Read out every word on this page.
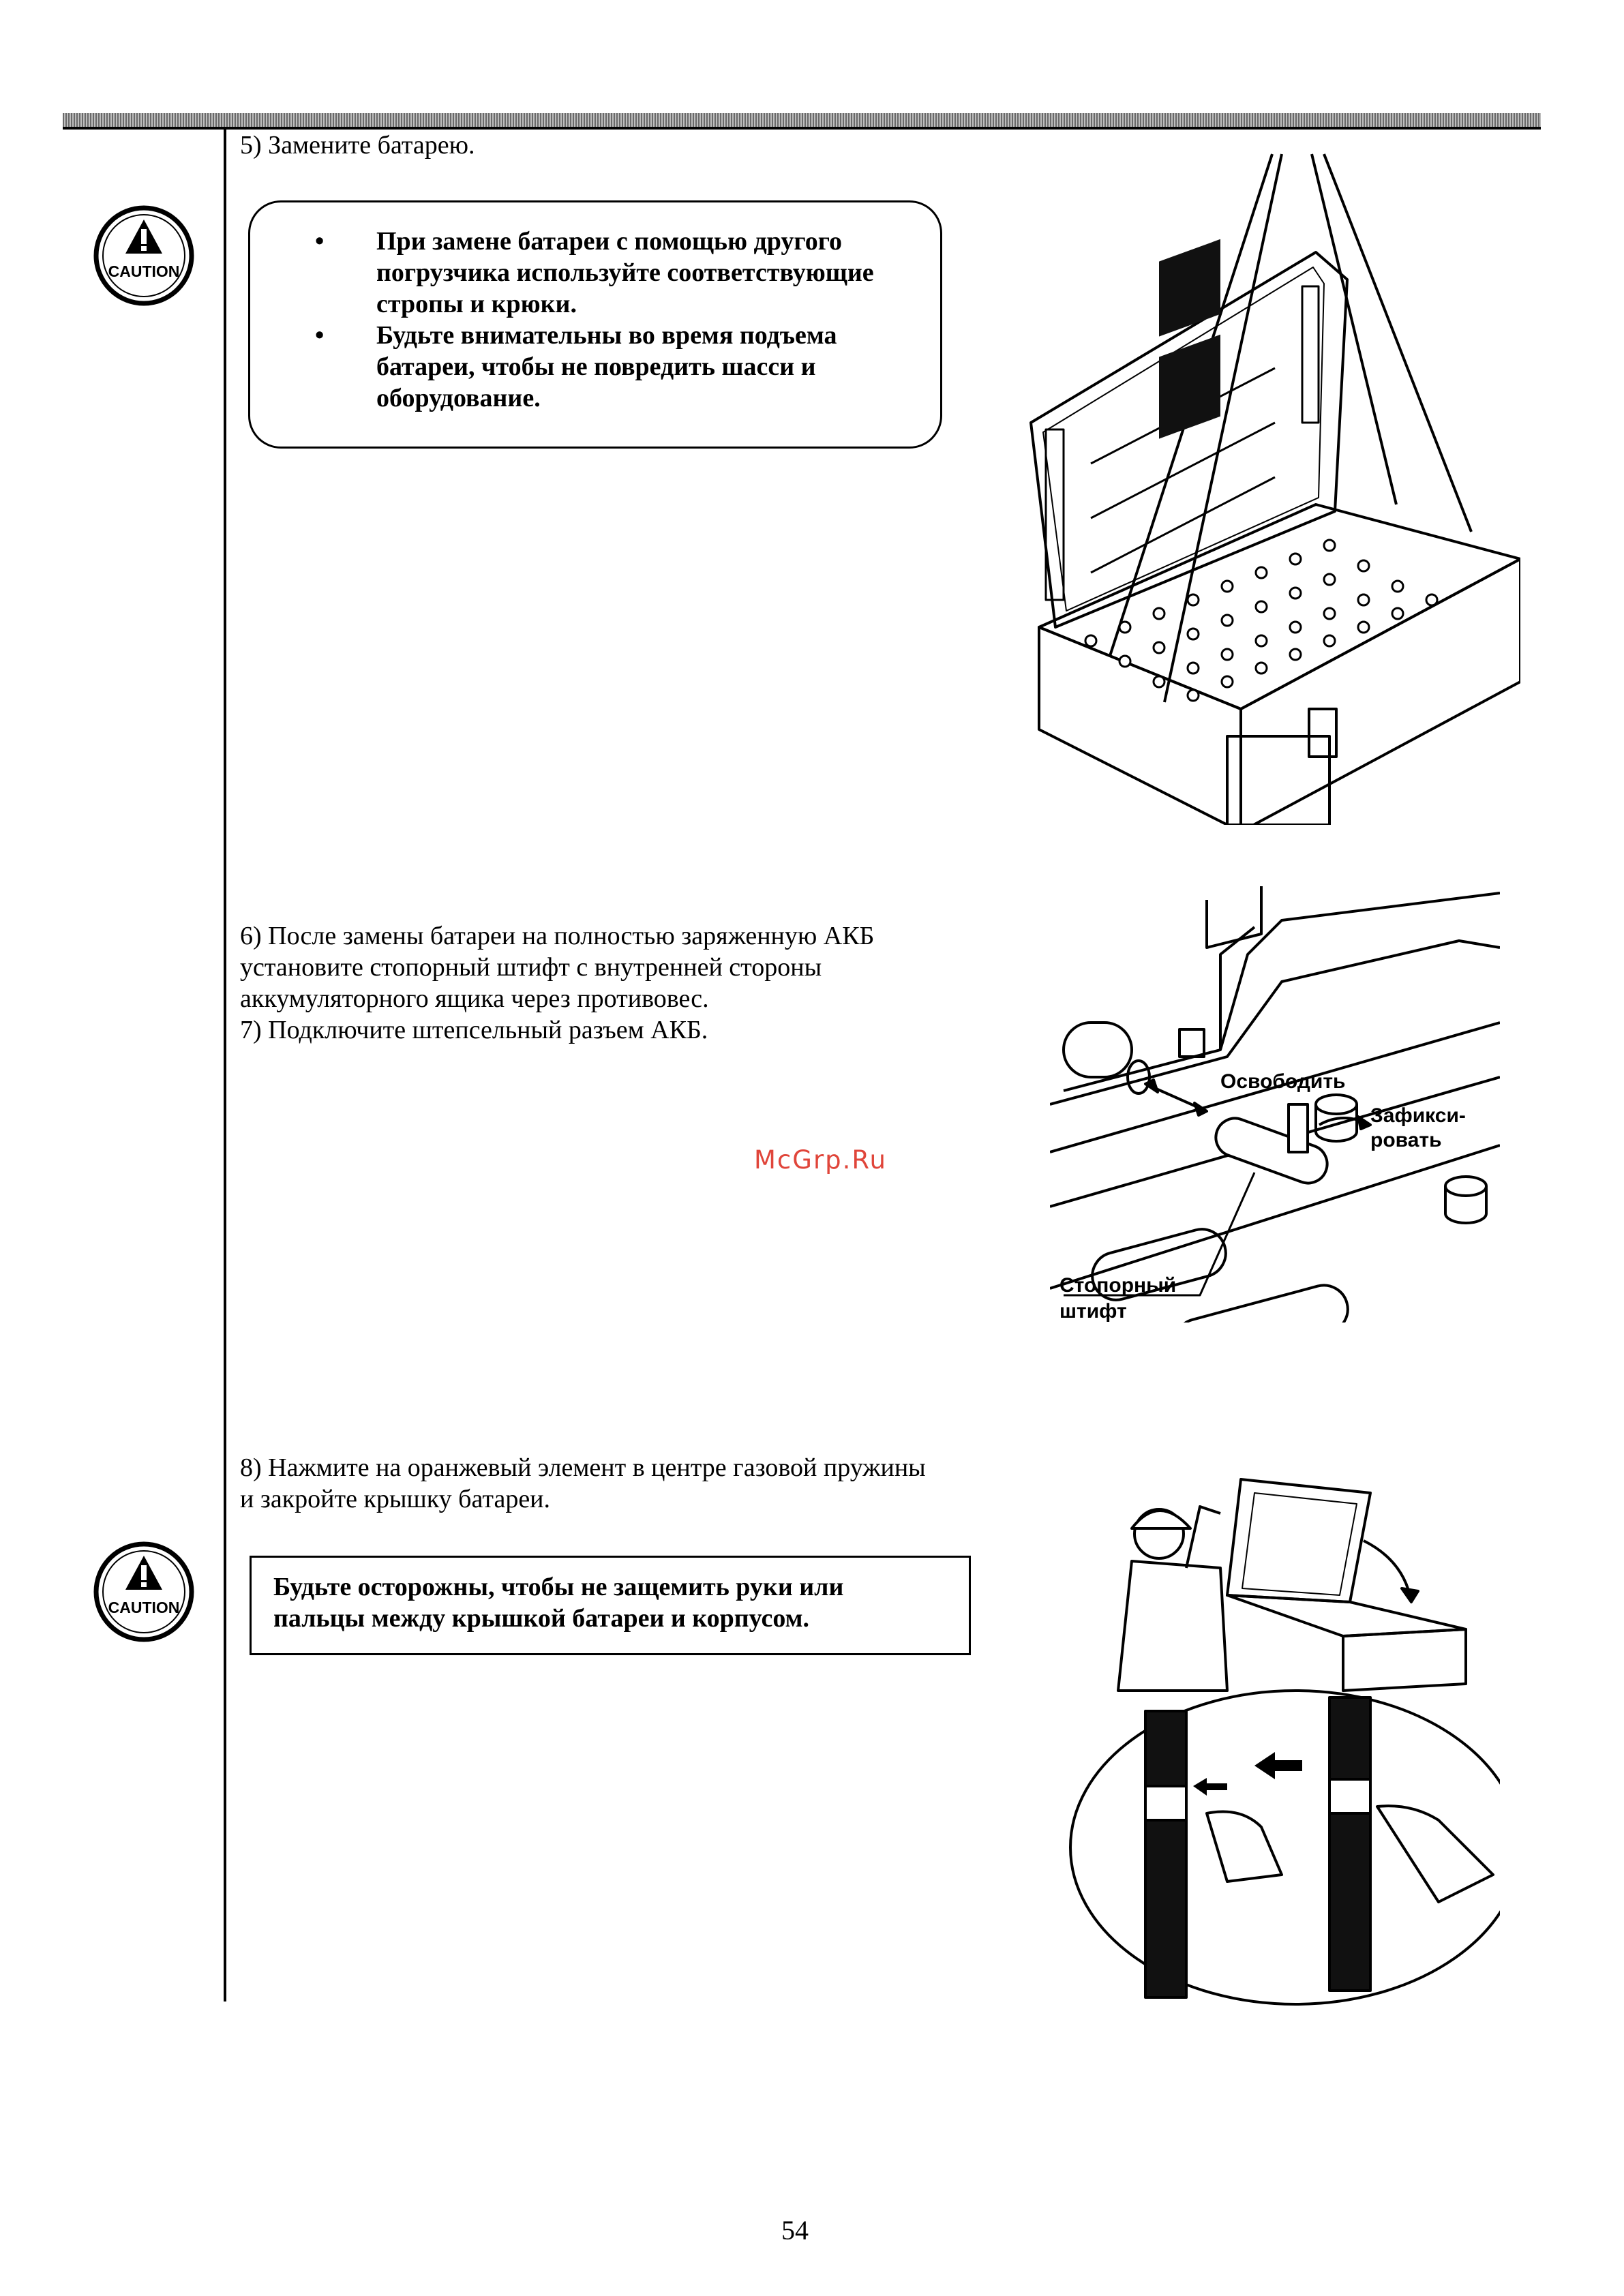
5) Замените батарею.
CAUTION
• При замене батареи с помощью другого погрузчика используйте соответствующие стропы и крюки.
• Будьте внимательны во время подъема батареи, чтобы не повредить шасси и оборудование.
6) После замены батареи на полностью заряженную АКБ
установите стопорный штифт с внутренней стороны
аккумуляторного ящика через противовес.
7) Подключите штепсельный разъем АКБ.
McGrp.Ru
Освободить
Зафикси-
ровать
Стопорный
штифт
8) Нажмите на оранжевый элемент в центре газовой пружины
и закройте крышку батареи.
CAUTION
Будьте осторожны, чтобы не защемить руки или
пальцы между крышкой батареи и корпусом.
54
